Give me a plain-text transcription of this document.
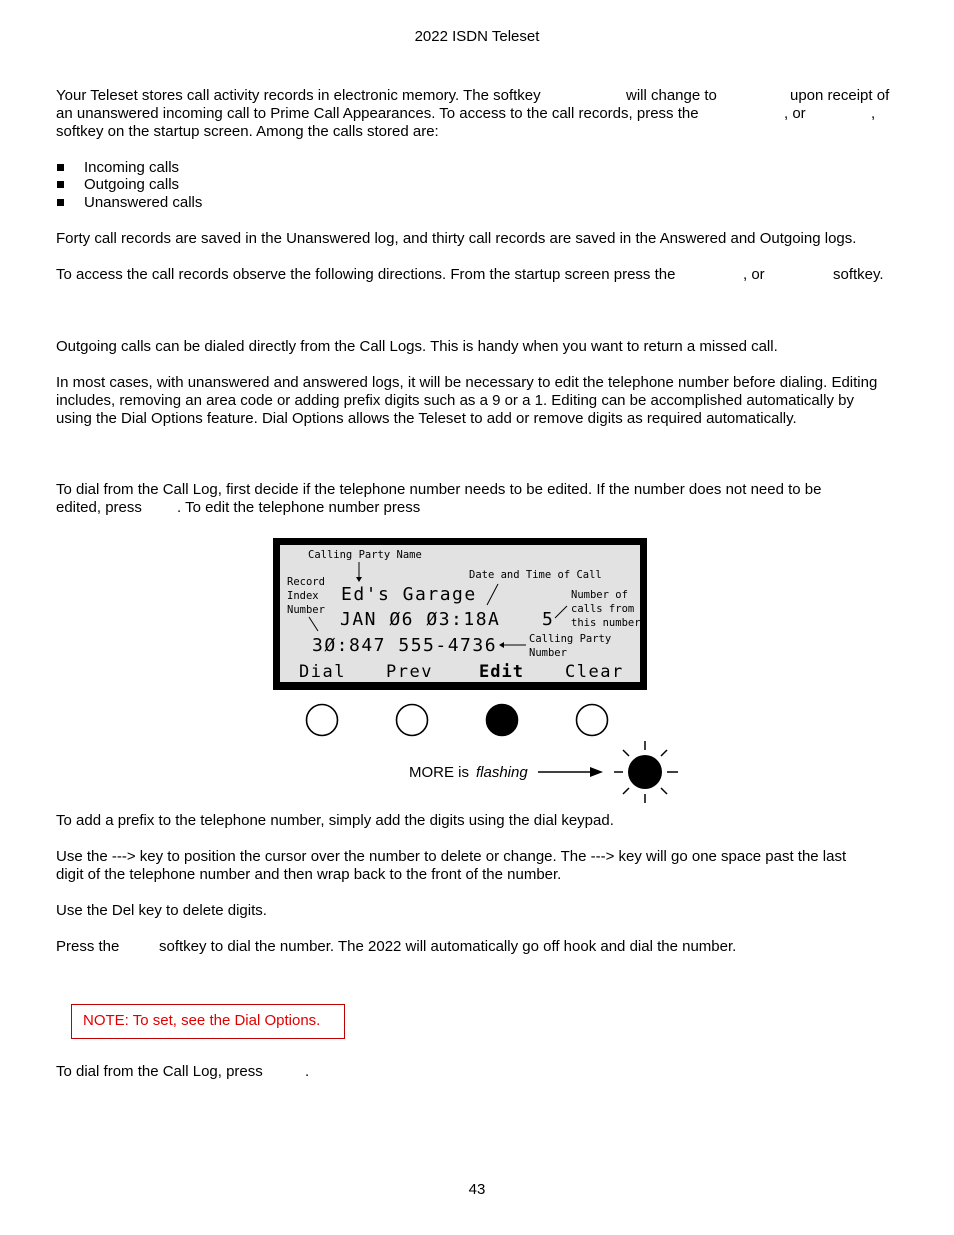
2022 ISDN Teleset
Your Teleset stores call activity records in electronic memory. The softkey	will change to	upon receipt of
an unanswered incoming call to Prime Call Appearances. To access to the call records, press the	, or	,
softkey on the startup screen. Among the calls stored are:
Incoming calls
Outgoing calls
Unanswered calls
Forty call records are saved in the Unanswered log, and thirty call records are saved in the Answered and Outgoing logs.
To access the call records observe the following directions. From the startup screen press the	, or	softkey.
Outgoing calls can be dialed directly from the Call Logs. This is handy when you want to return a missed call.
In most cases, with unanswered and answered logs, it will be necessary to edit the telephone number before dialing. Editing
includes, removing an area code or adding prefix digits such as a 9 or a 1. Editing can be accomplished automatically by
using the Dial Options feature. Dial Options allows the Teleset to add or remove digits as required automatically.
To dial from the Call Log, first decide if the telephone number needs to be edited. If the number does not need to be
edited, press . To edit the telephone number press
Calling Party Name
Record
Index
Number
Date and Time of Call
Ed's Garage
JAN Ø6 Ø3:18A 5
Number of
calls from
this number
3Ø:847 555-4736	Calling Party
Number
Dial Prev	Edit Clear
MORE is flashing
To add a prefix to the telephone number, simply add the digits using the dial keypad.
Use the ---> key to position the cursor over the number to delete or change. The ---> key will go one space past the last
digit of the telephone number and then wrap back to the front of the number.
Use the Del key to delete digits.
Press the	softkey to dial the number. The 2022 will automatically go off hook and dial the number.
NOTE: To set, see the Dial Options.
To dial from the Call Log, press	.
43
